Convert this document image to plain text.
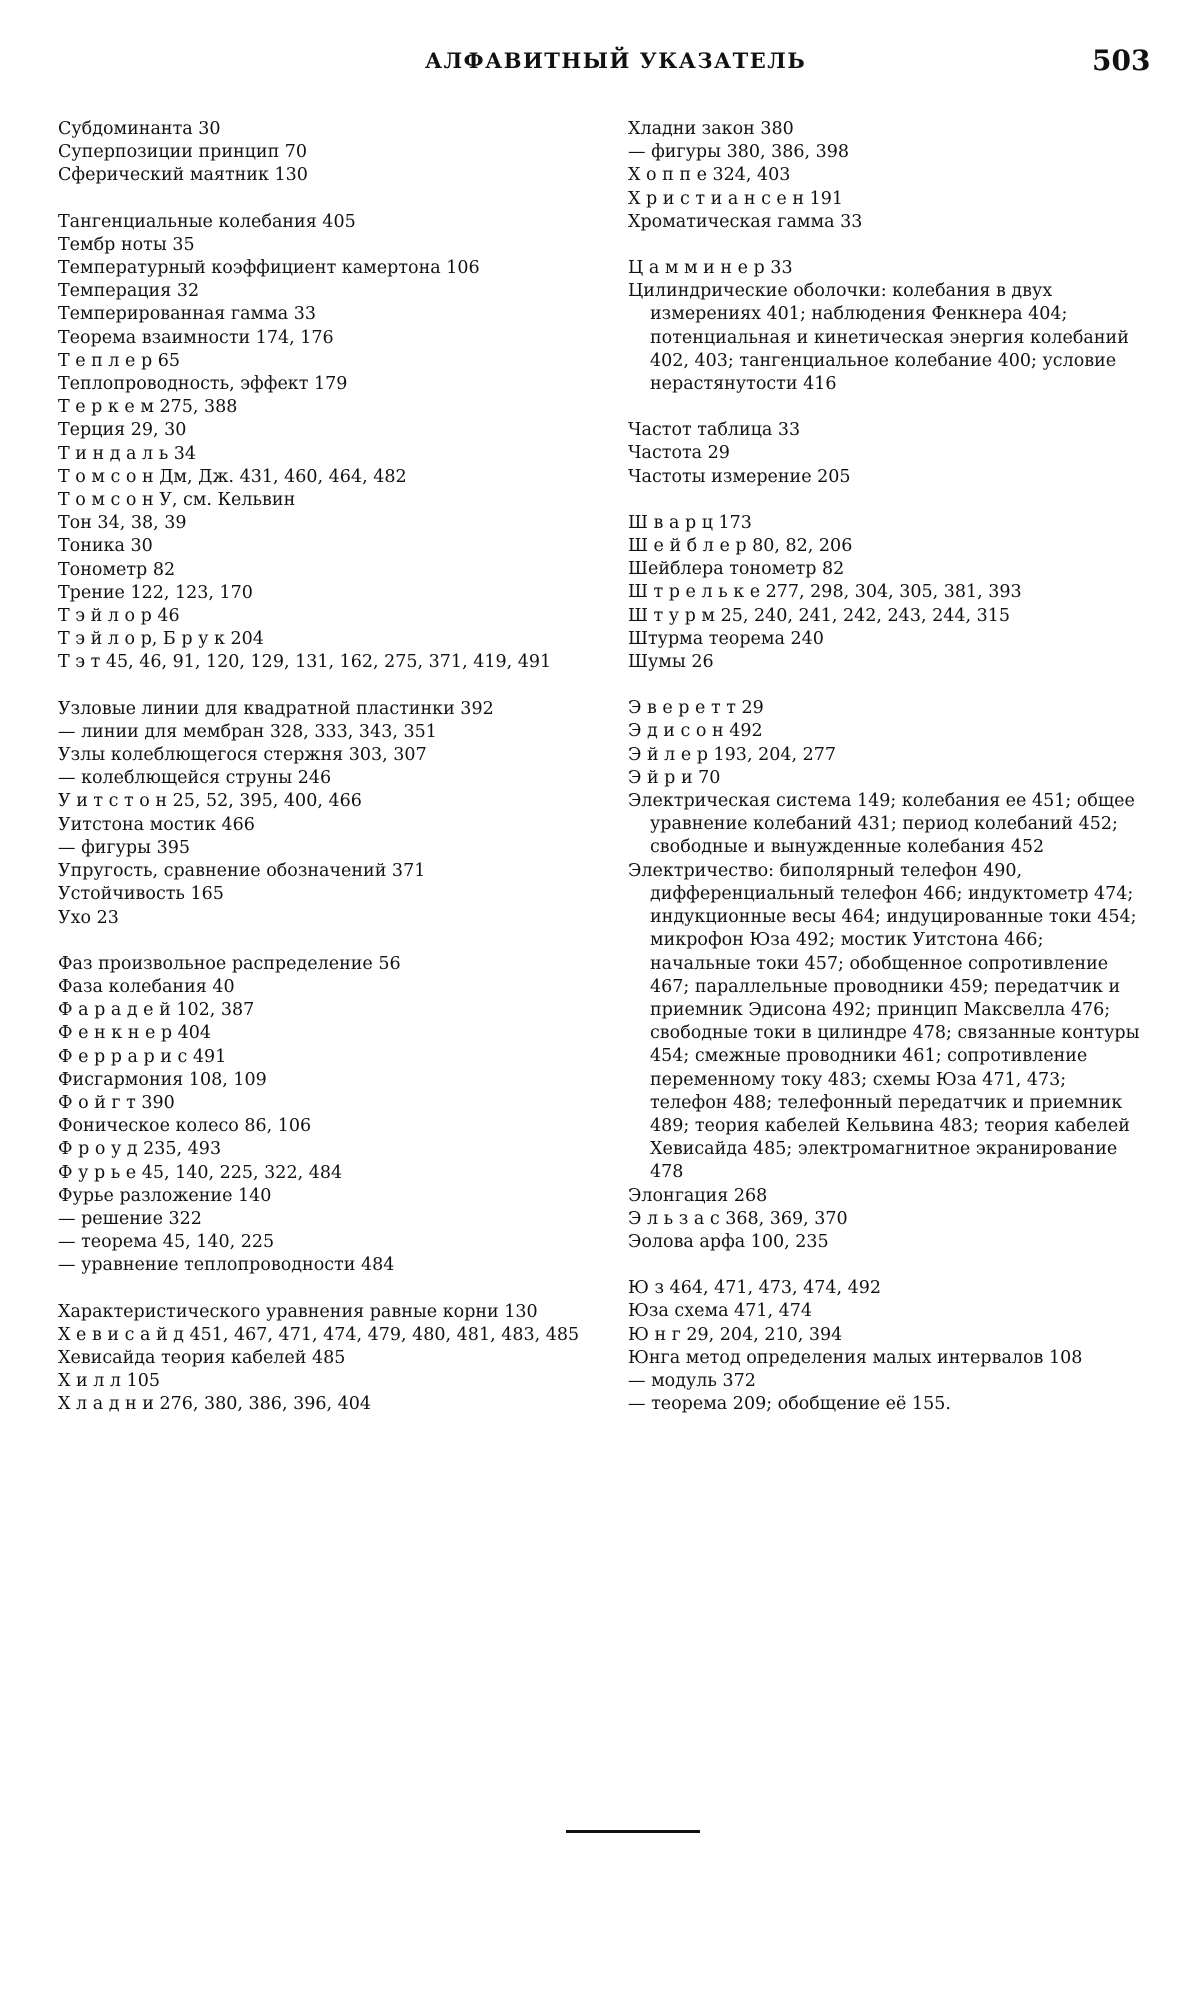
АЛФАВИТНЫЙ УКАЗАТЕЛЬ	503
Субдоминанта 30
Суперпозиции принцип 70
Сферический маятник 130
Тангенциальные колебания 405
Тембр ноты 35
Температурный коэффициент камертона 106
Темперация 32
Темперированная гамма 33
Теорема взаимности 174, 176
Т е п л е р 65
Теплопроводность, эффект 179
Т е р к е м 275, 388
Терция 29, 30
Т и н д а л ь 34
Т о м с о н Дм, Дж. 431, 460, 464, 482
Т о м с о н У, см. Кельвин
Тон 34, 38, 39
Тоника 30
Тонометр 82
Трение 122, 123, 170
Т э й л о р 46
Т э й л о р, Б р у к 204
Т э т 45, 46, 91, 120, 129, 131, 162, 275, 371, 419, 491
Узловые линии для квадратной пластинки 392
— линии для мембран 328, 333, 343, 351
Узлы колеблющегося стержня 303, 307
— колеблющейся струны 246
У и т с т о н 25, 52, 395, 400, 466
Уитстона мостик 466
— фигуры 395
Упругость, сравнение обозначений 371
Устойчивость 165
Ухо 23
Фаз произвольное распределение 56
Фаза колебания 40
Ф а р а д е й 102, 387
Ф е н к н е р 404
Ф е р р а р и с 491
Фисгармония 108, 109
Ф о й г т 390
Фоническое колесо 86, 106
Ф р о у д 235, 493
Ф у р ь е 45, 140, 225, 322, 484
Фурье разложение 140
— решение 322
— теорема 45, 140, 225
— уравнение теплопроводности 484
Характеристического уравнения равные корни 130
Х е в и с а й д 451, 467, 471, 474, 479, 480, 481, 483, 485
Хевисайда теория кабелей 485
Х и л л 105
Х л а д н и 276, 380, 386, 396, 404
Хладни закон 380
— фигуры 380, 386, 398
Х о п п е 324, 403
Х р и с т и а н с е н 191
Хроматическая гамма 33
Ц а м м и н е р 33
Цилиндрические оболочки: колебания в двух измерениях 401; наблюдения Фенкнера 404; потенциальная и кинетическая энергия колебаний 402, 403; тангенциальное колебание 400; условие нерастянутости 416
Частот таблица 33
Частота 29
Частоты измерение 205
Ш в а р ц 173
Ш е й б л е р 80, 82, 206
Шейблера тонометр 82
Ш т р е л ь к е 277, 298, 304, 305, 381, 393
Ш т у р м 25, 240, 241, 242, 243, 244, 315
Штурма теорема 240
Шумы 26
Э в е р е т т 29
Э д и с о н 492
Э й л е р 193, 204, 277
Э й р и 70
Электрическая система 149; колебания ее 451; общее уравнение колебаний 431; период колебаний 452; свободные и вынужденные колебания 452
Электричество: биполярный телефон 490, дифференциальный телефон 466; индуктометр 474; индукционные весы 464; индуцированные токи 454; микрофон Юза 492; мостик Уитстона 466; начальные токи 457; обобщенное сопротивление 467; параллельные проводники 459; передатчик и приемник Эдисона 492; принцип Максвелла 476; свободные токи в цилиндре 478; связанные контуры 454; смежные проводники 461; сопротивление переменному току 483; схемы Юза 471, 473; телефон 488; телефонный передатчик и приемник 489; теория кабелей Кельвина 483; теория кабелей Хевисайда 485; электромагнитное экранирование 478
Элонгация 268
Э л ь з а с 368, 369, 370
Эолова арфа 100, 235
Ю з 464, 471, 473, 474, 492
Юза схема 471, 474
Ю н г 29, 204, 210, 394
Юнга метод определения малых интервалов 108
— модуль 372
— теорема 209; обобщение её 155.
